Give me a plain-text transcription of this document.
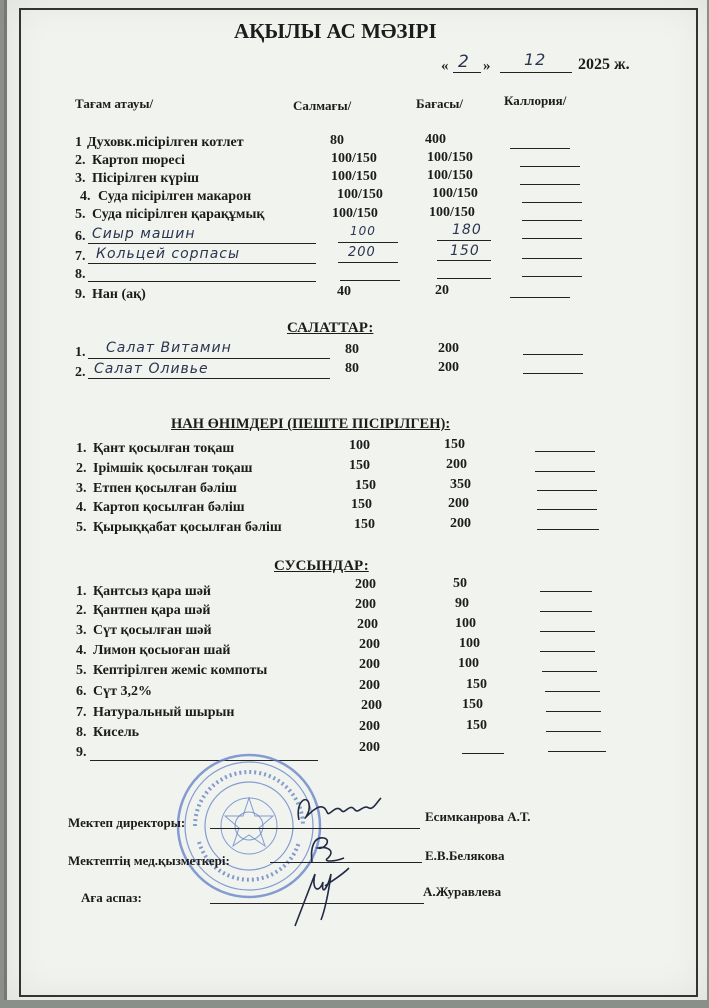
АҚЫЛЫ АС МӘЗІРІ
« 2 » 12 2025 ж.
Тағам атауы/	Салмағы/	Бағасы/	Каллория/
1 Духовк.пісірілген котлет	80	400
2. Картоп пюресі	100/150	100/150
3. Пісірілген күріш	100/150	100/150
4. Суда пісірілген макарон	100/150	100/150
5. Суда пісірілген қарақұмық	100/150	100/150
6. Сиыр машин	100	180
7. Кольцей сорпасы	200	150
8.
9. Нан (ақ)	40	20
САЛАТТАР:
1. Салат Витамин	80	200
2. Салат Оливье	80	200
НАН ӨНІМДЕРІ (ПЕШТЕ ПІСІРІЛГЕН):
1. Қант қосылған тоқаш	100	150
2. Ірімшік қосылған тоқаш	150	200
3. Етпен қосылған бәліш	150	350
4. Картоп қосылған бәліш	150	200
5. Қырыққабат қосылған бәліш	150	200
СУСЫНДАР:
1. Қантсыз қара шәй	200	50
2. Қантпен қара шәй	200	90
3. Сүт қосылған шәй	200	100
4. Лимон қосыоған шай	200	100
5. Кептірілген жеміс компоты	200	100
6. Сүт 3,2%	200	150
7. Натуральный шырын	200	150
8. Кисель	200	150
9.	200
Мектеп директоры:	Есимканрова А.Т.
Мектептің мед.қызметкері:	Е.В.Белякова
Аға аспаз:	А.Журавлева
